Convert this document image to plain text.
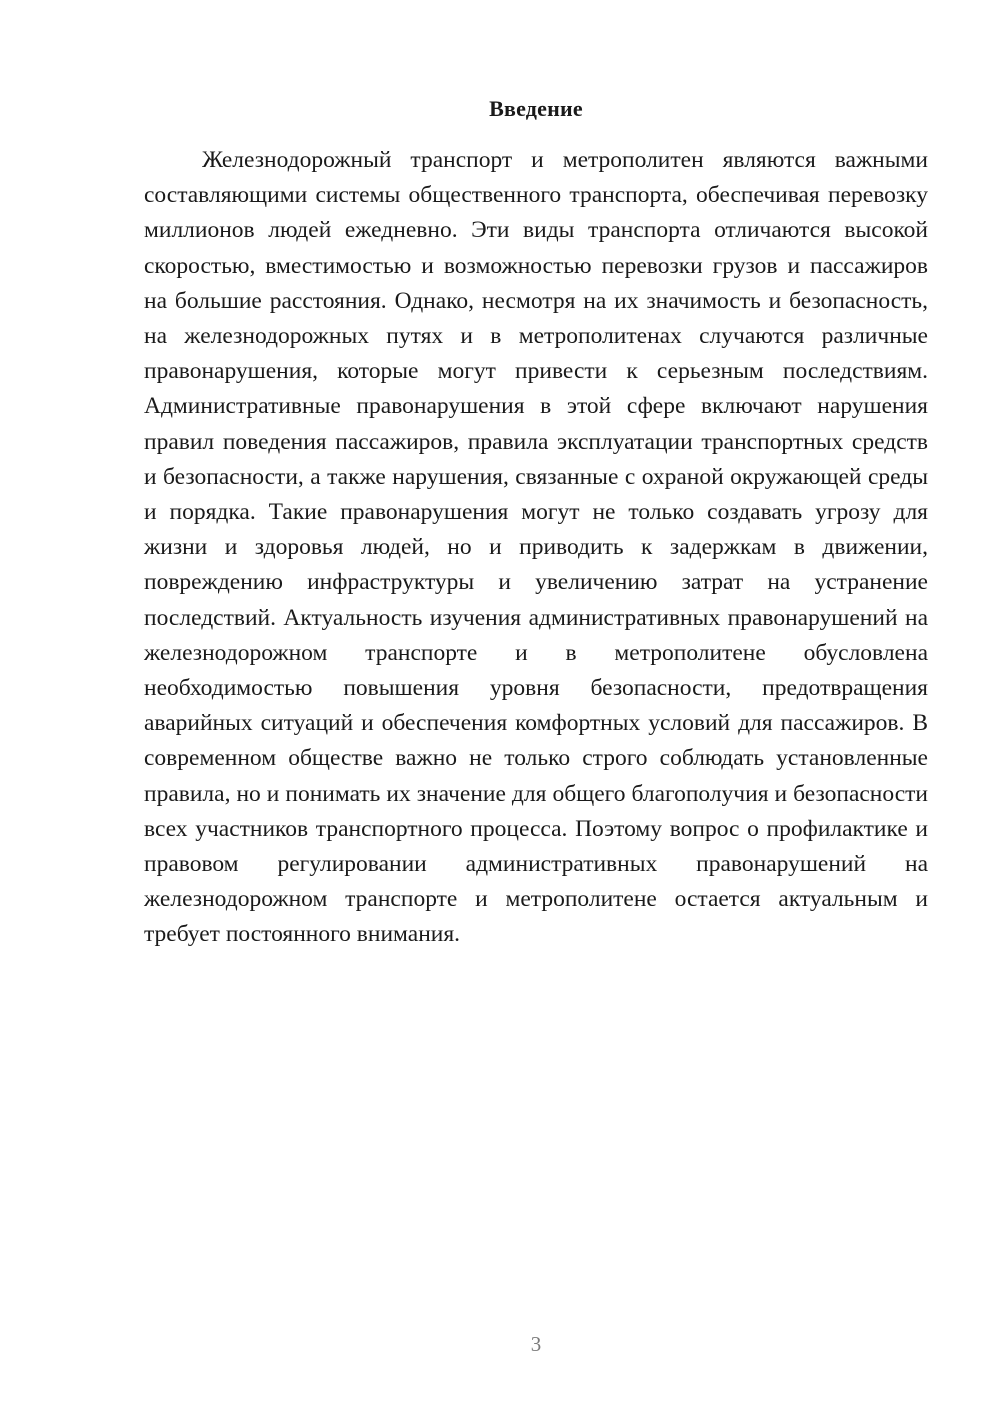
Введение

Железнодорожный транспорт и метрополитен являются важными составляющими системы общественного транспорта, обеспечивая перевозку миллионов людей ежедневно. Эти виды транспорта отличаются высокой скоростью, вместимостью и возможностью перевозки грузов и пассажиров на большие расстояния. Однако, несмотря на их значимость и безопасность, на железнодорожных путях и в метрополитенах случаются различные правонарушения, которые могут привести к серьезным последствиям. Административные правонарушения в этой сфере включают нарушения правил поведения пассажиров, правила эксплуатации транспортных средств и безопасности, а также нарушения, связанные с охраной окружающей среды и порядка. Такие правонарушения могут не только создавать угрозу для жизни и здоровья людей, но и приводить к задержкам в движении, повреждению инфраструктуры и увеличению затрат на устранение последствий. Актуальность изучения административных правонарушений на железнодорожном транспорте и в метрополитене обусловлена необходимостью повышения уровня безопасности, предотвращения аварийных ситуаций и обеспечения комфортных условий для пассажиров. В современном обществе важно не только строго соблюдать установленные правила, но и понимать их значение для общего благополучия и безопасности всех участников транспортного процесса. Поэтому вопрос о профилактике и правовом регулировании административных правонарушений на железнодорожном транспорте и метрополитене остается актуальным и требует постоянного внимания.

3
